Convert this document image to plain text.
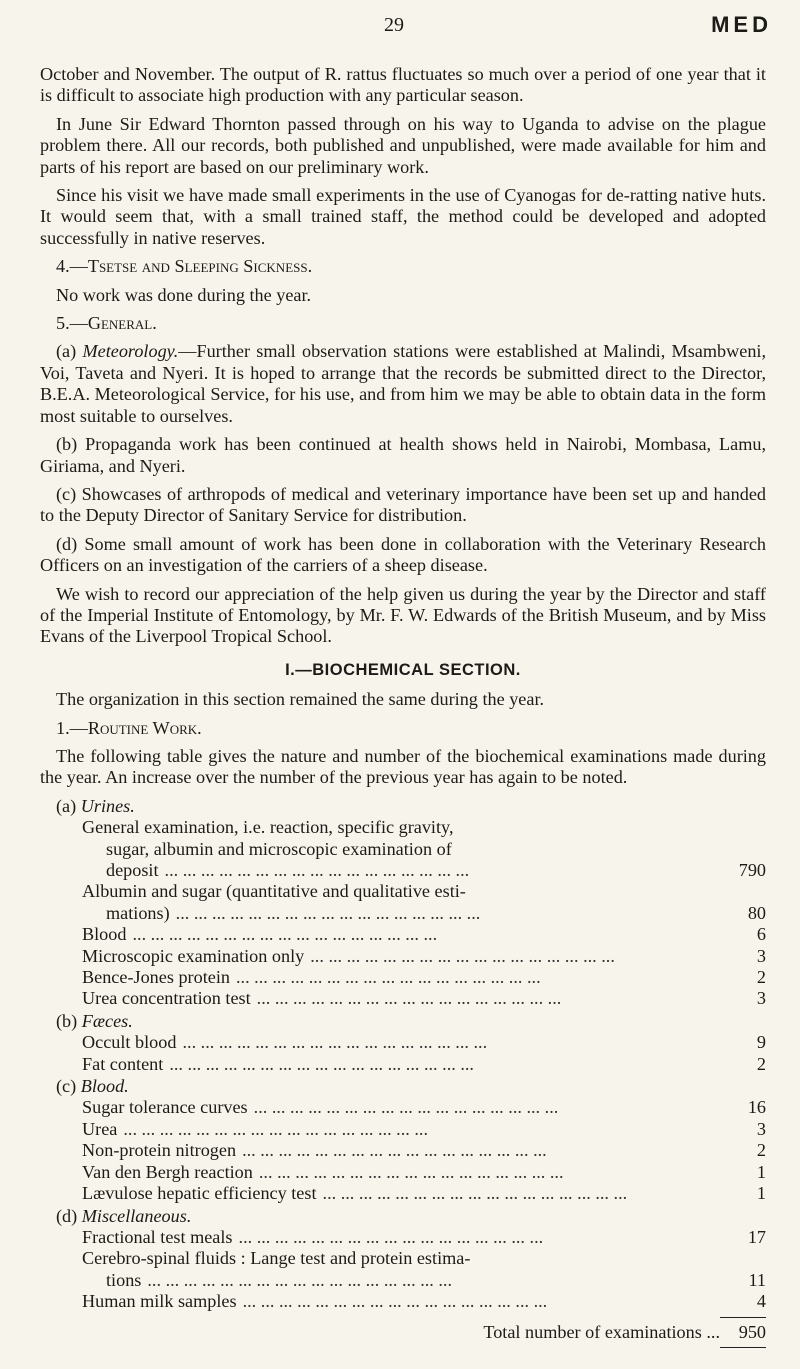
29	MED

October and November. The output of R. rattus fluctuates so much over a period of one year that it is difficult to associate high production with any particular season.

In June Sir Edward Thornton passed through on his way to Uganda to advise on the plague problem there. All our records, both published and unpublished, were made available for him and parts of his report are based on our preliminary work.

Since his visit we have made small experiments in the use of Cyanogas for de-ratting native huts. It would seem that, with a small trained staff, the method could be developed and adopted successfully in native reserves.

4.—Tsetse and Sleeping Sickness.

No work was done during the year.

5.—General.

(a) Meteorology.—Further small observation stations were established at Malindi, Msambweni, Voi, Taveta and Nyeri. It is hoped to arrange that the records be submitted direct to the Director, B.E.A. Meteorological Service, for his use, and from him we may be able to obtain data in the form most suitable to ourselves.

(b) Propaganda work has been continued at health shows held in Nairobi, Mombasa, Lamu, Giriama, and Nyeri.

(c) Showcases of arthropods of medical and veterinary importance have been set up and handed to the Deputy Director of Sanitary Service for distribution.

(d) Some small amount of work has been done in collaboration with the Veterinary Research Officers on an investigation of the carriers of a sheep disease.

We wish to record our appreciation of the help given us during the year by the Director and staff of the Imperial Institute of Entomology, by Mr. F. W. Edwards of the British Museum, and by Miss Evans of the Liverpool Tropical School.

I.—BIOCHEMICAL SECTION.

The organization in this section remained the same during the year.

1.—Routine Work.

The following table gives the nature and number of the biochemical examinations made during the year. An increase over the number of the previous year has again to be noted.

(a) Urines.
General examination, i.e. reaction, specific gravity,
sugar, albumin and microscopic examination of
deposit ...	790
Albumin and sugar (quantitative and qualitative esti-
mations) ...	80
Blood ...	6
Microscopic examination only ...	3
Bence-Jones protein ...	2
Urea concentration test ...	3
(b) Fæces.
Occult blood ...	9
Fat content ...	2
(c) Blood.
Sugar tolerance curves ...	16
Urea ...	3
Non-protein nitrogen ...	2
Van den Bergh reaction ...	1
Lævulose hepatic efficiency test ...	1
(d) Miscellaneous.
Fractional test meals ...	17
Cerebro-spinal fluids : Lange test and protein estima-
tions ...	11
Human milk samples ...	4
Total number of examinations ...	950
